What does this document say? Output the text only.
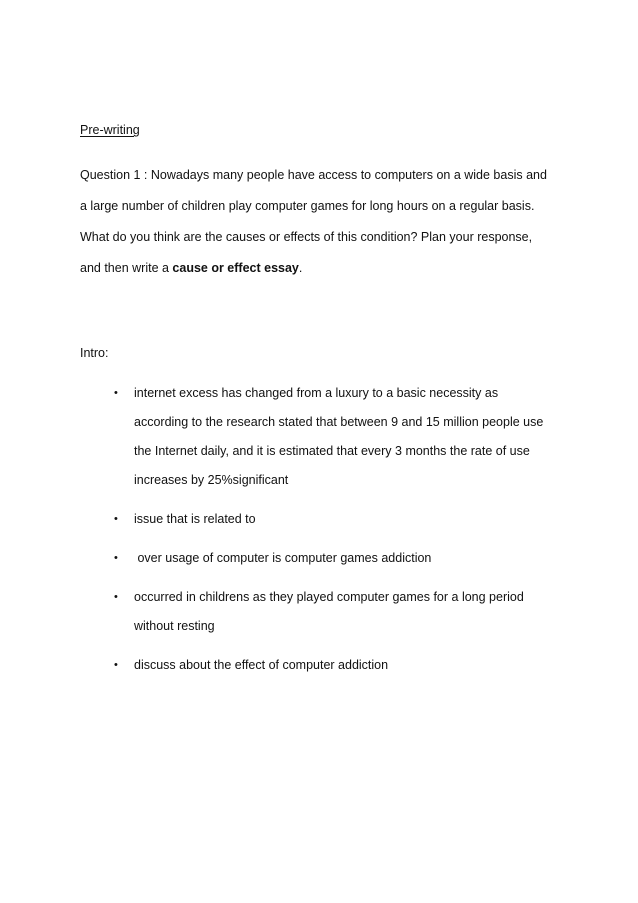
Pre-writing
Question 1 : Nowadays many people have access to computers on a wide basis and
a large number of children play computer games for long hours on a regular basis.
What do you think are the causes or effects of this condition? Plan your response,
and then write a cause or effect essay.
Intro:
• internet excess has changed from a luxury to a basic necessity as
according to the research stated that between 9 and 15 million people use
the Internet daily, and it is estimated that every 3 months the rate of use
increases by 25%significant
• issue that is related to
• over usage of computer is computer games addiction
• occurred in childrens as they played computer games for a long period
without resting
• discuss about the effect of computer addiction
